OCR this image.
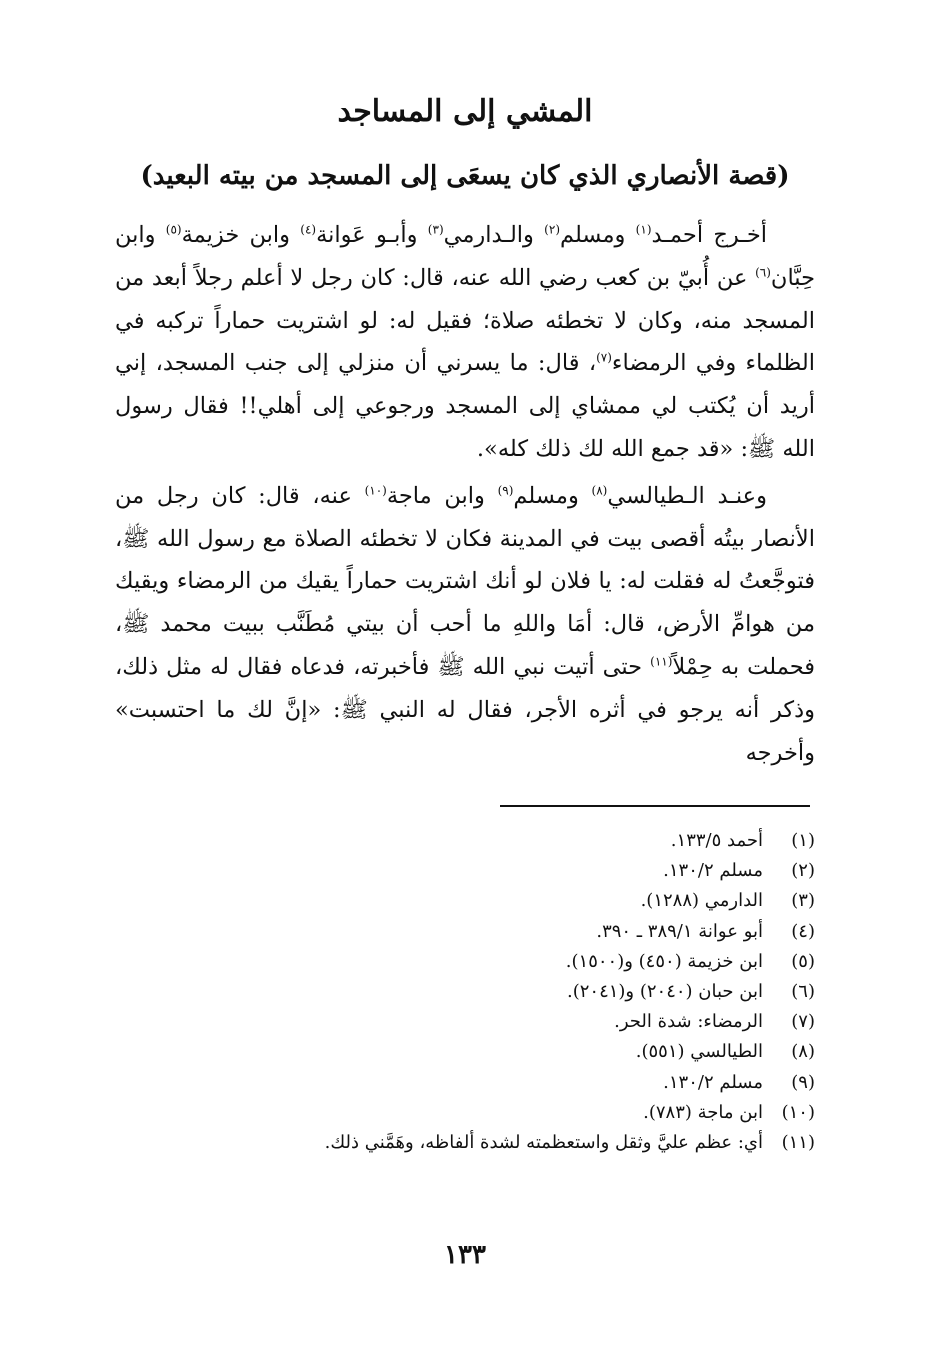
المشي إلى المساجد
(قصة الأنصاري الذي كان يسعَى إلى المسجد من بيته البعيد)

أخـرج أحمـد$^{(١)}$ ومسلم$^{(٢)}$ والـدارمي$^{(٣)}$ وأبـو عَوانة$^{(٤)}$ وابن خزيمة$^{(٥)}$ وابن حِبَّان$^{(٦)}$ عن أُبيّ بن كعب رضي الله عنه، قال: كان رجل لا أعلم رجلاً أبعد من المسجد منه، وكان لا تخطئه صلاة؛ فقيل له: لو اشتريت حماراً تركبه في الظلماء وفي الرمضاء$^{(٧)}$، قال: ما يسرني أن منزلي إلى جنب المسجد، إني أريد أن يُكتب لي ممشاي إلى المسجد ورجوعي إلى أهلي!! فقال رسول الله ﷺ: «قد جمع الله لك ذلك كله».

وعنـد الـطيالسي$^{(٨)}$ ومسلم$^{(٩)}$ وابن ماجة$^{(١٠)}$ عنه، قال: كان رجل من الأنصار بيتُه أقصى بيت في المدينة فكان لا تخطئه الصلاة مع رسول الله ﷺ، فتوجَّعتُ له فقلت له: يا فلان لو أنك اشتريت حماراً يقيك من الرمضاء ويقيك من هوامِّ الأرض، قال: أمَا واللهِ ما أحب أن بيتي مُطَنَّب ببيت محمد ﷺ، فحملت به حِمْلاً$^{(١١)}$ حتى أتيت نبي الله ﷺ فأخبرته، فدعاه فقال له مثل ذلك، وذكر أنه يرجو في أثره الأجر، فقال له النبي ﷺ: «إنَّ لك ما احتسبت» وأخرجه

(١)أحمد ١٣٣/٥.
(٢)مسلم ١٣٠/٢.
(٣)الدارمي (١٢٨٨).
(٤)أبو عوانة ٣٨٩/١ ـ ٣٩٠.
(٥)ابن خزيمة (٤٥٠) و(١٥٠٠).
(٦)ابن حبان (٢٠٤٠) و(٢٠٤١).
(٧)الرمضاء: شدة الحر.
(٨)الطيالسي (٥٥١).
(٩)مسلم ١٣٠/٢.
(١٠)ابن ماجة (٧٨٣).
(١١)أي: عظم عليَّ وثقل واستعظمته لشدة ألفاظه، وهَمَّني ذلك.
١٣٣
